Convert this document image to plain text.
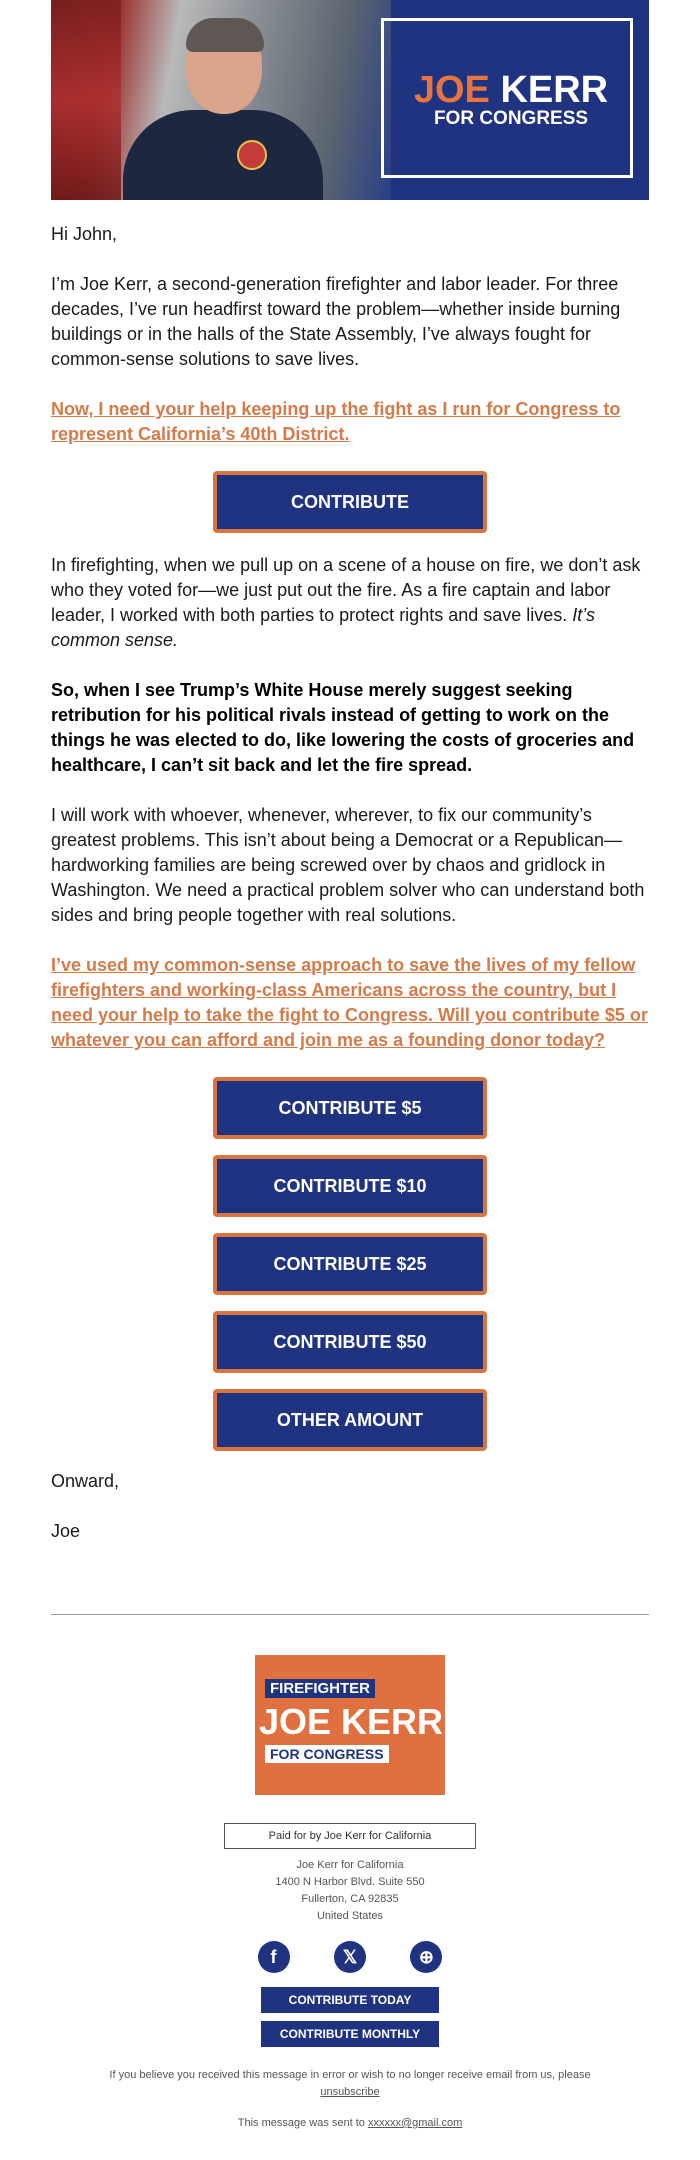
JOE KERR
FOR CONGRESS

Hi John,

I’m Joe Kerr, a second-generation firefighter and labor leader. For three decades, I’ve run headfirst toward the problem—whether inside burning buildings or in the halls of the State Assembly, I’ve always fought for common-sense solutions to save lives.

Now, I need your help keeping up the fight as I run for Congress to represent California’s 40th District.

CONTRIBUTE

In firefighting, when we pull up on a scene of a house on fire, we don’t ask who they voted for—we just put out the fire. As a fire captain and labor leader, I worked with both parties to protect rights and save lives. It’s common sense.

So, when I see Trump’s White House merely suggest seeking retribution for his political rivals instead of getting to work on the things he was elected to do, like lowering the costs of groceries and healthcare, I can’t sit back and let the fire spread.

I will work with whoever, whenever, wherever, to fix our community’s greatest problems. This isn’t about being a Democrat or a Republican—hardworking families are being screwed over by chaos and gridlock in Washington. We need a practical problem solver who can understand both sides and bring people together with real solutions.

I’ve used my common-sense approach to save the lives of my fellow firefighters and working-class Americans across the country, but I need your help to take the fight to Congress. Will you contribute $5 or whatever you can afford and join me as a founding donor today?

CONTRIBUTE $5
CONTRIBUTE $10
CONTRIBUTE $25
CONTRIBUTE $50
OTHER AMOUNT

Onward,

Joe

FIREFIGHTER
JOE KERR
FOR CONGRESS
Paid for by Joe Kerr for California
Joe Kerr for California
1400 N Harbor Blvd. Suite 550
Fullerton, CA 92835
United States
f	𝕏	⊕
CONTRIBUTE TODAY
CONTRIBUTE MONTHLY
If you believe you received this message in error or wish to no longer receive email from us, please
unsubscribe
This message was sent to xxxxxx@gmail.com
